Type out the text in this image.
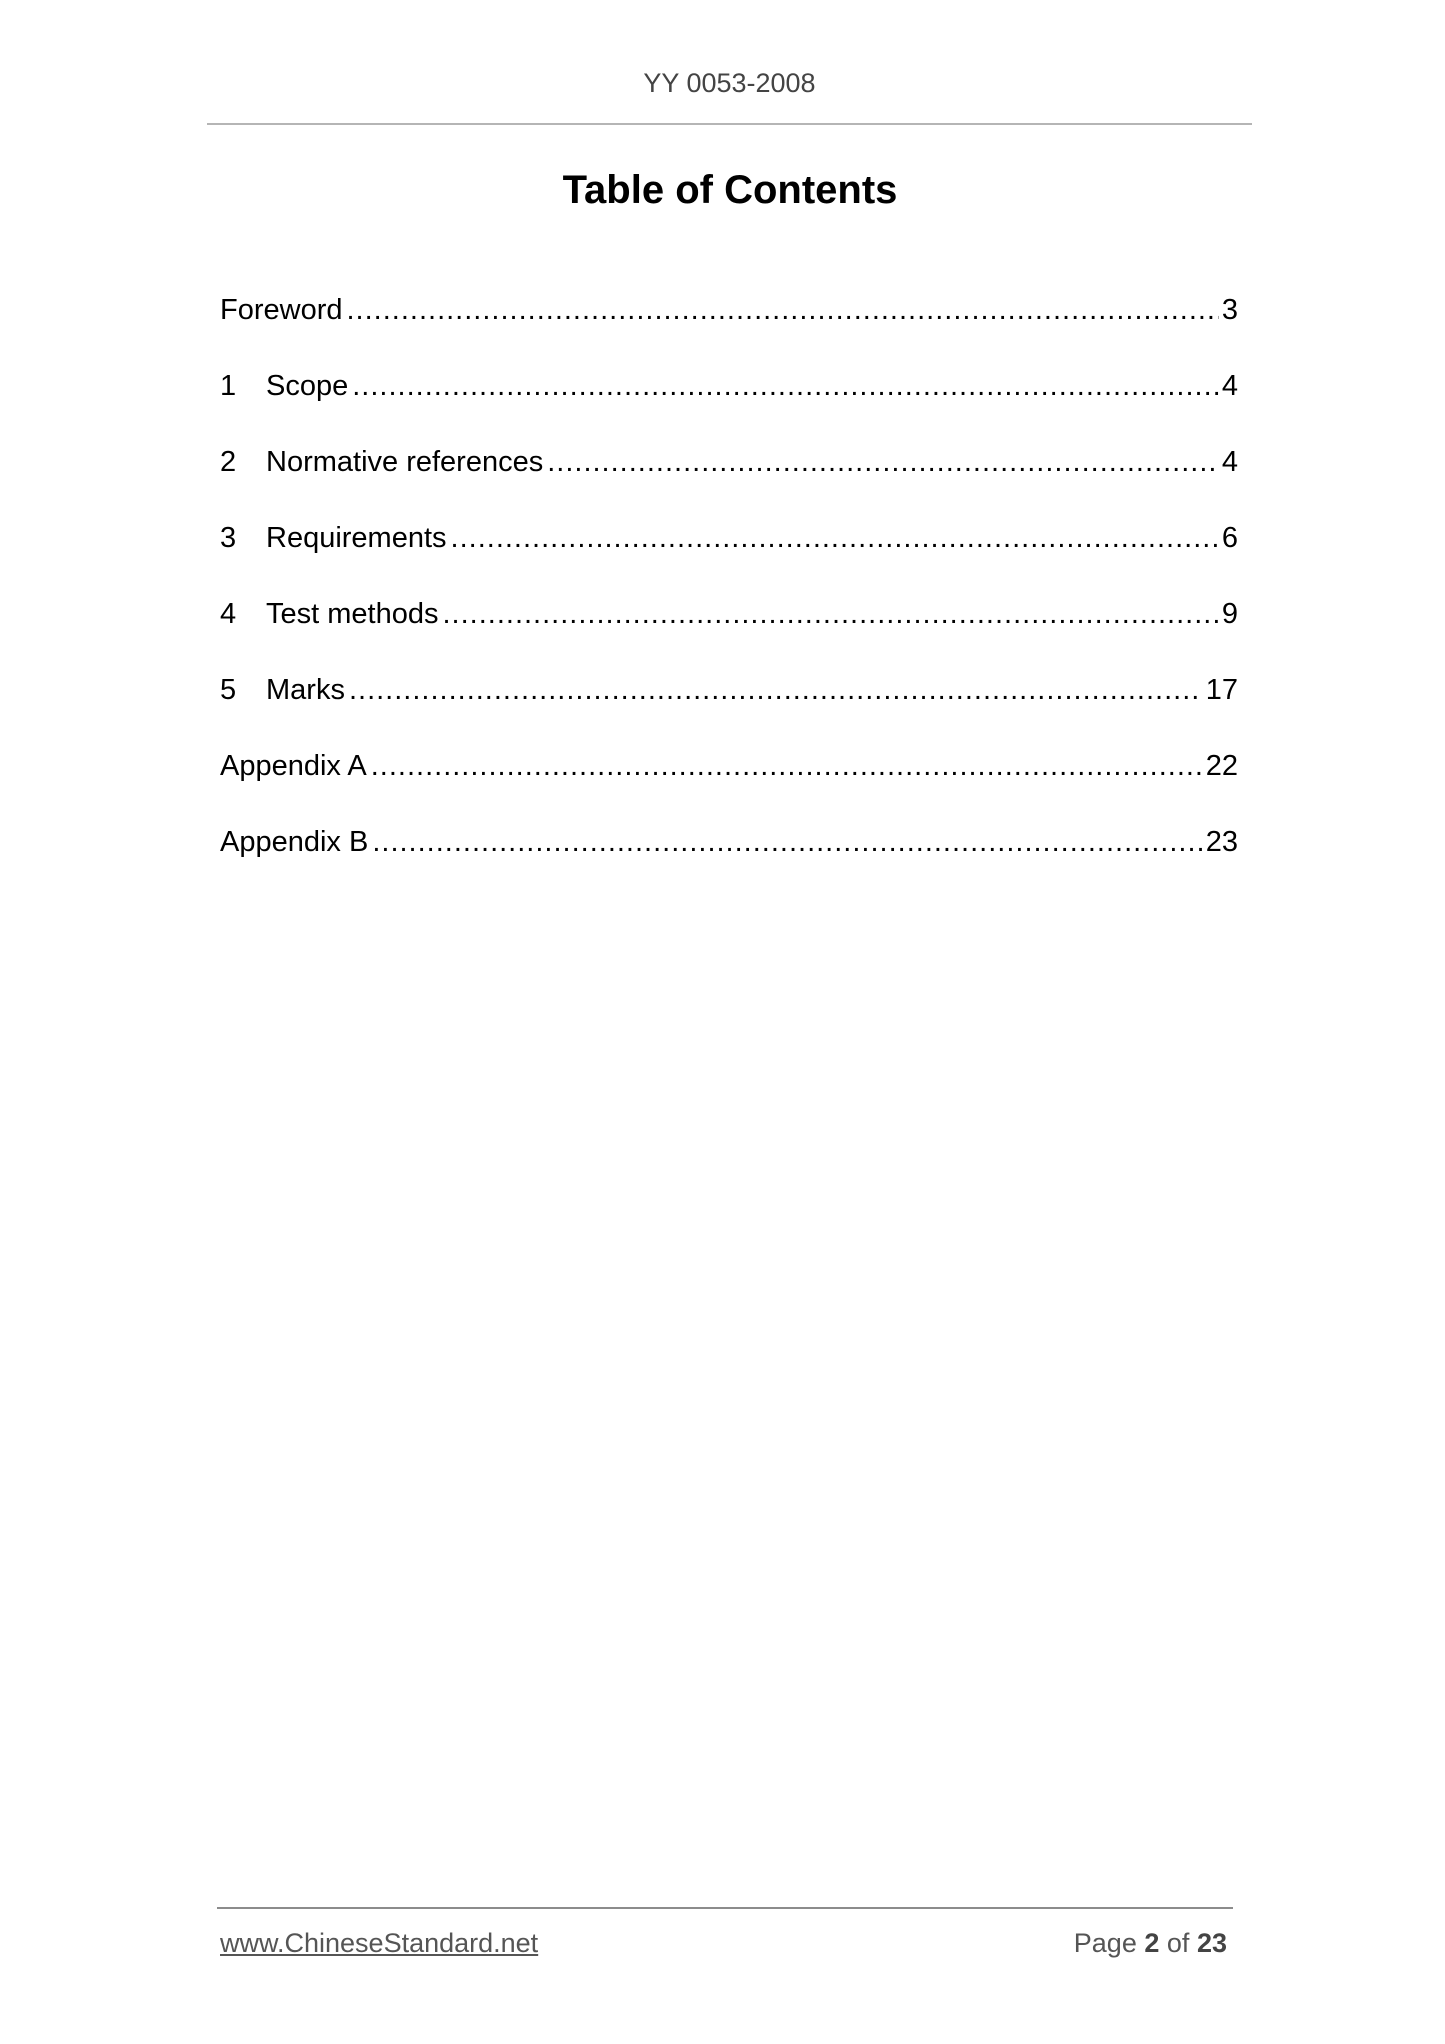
YY 0053-2008
Table of Contents
Foreword .....	3
1	Scope .....	4
2	Normative references .....	4
3	Requirements .....	6
4	Test methods .....	9
5	Marks .....	17
Appendix A .....	22
Appendix B .....	23
www.ChineseStandard.net	Page 2 of 23
